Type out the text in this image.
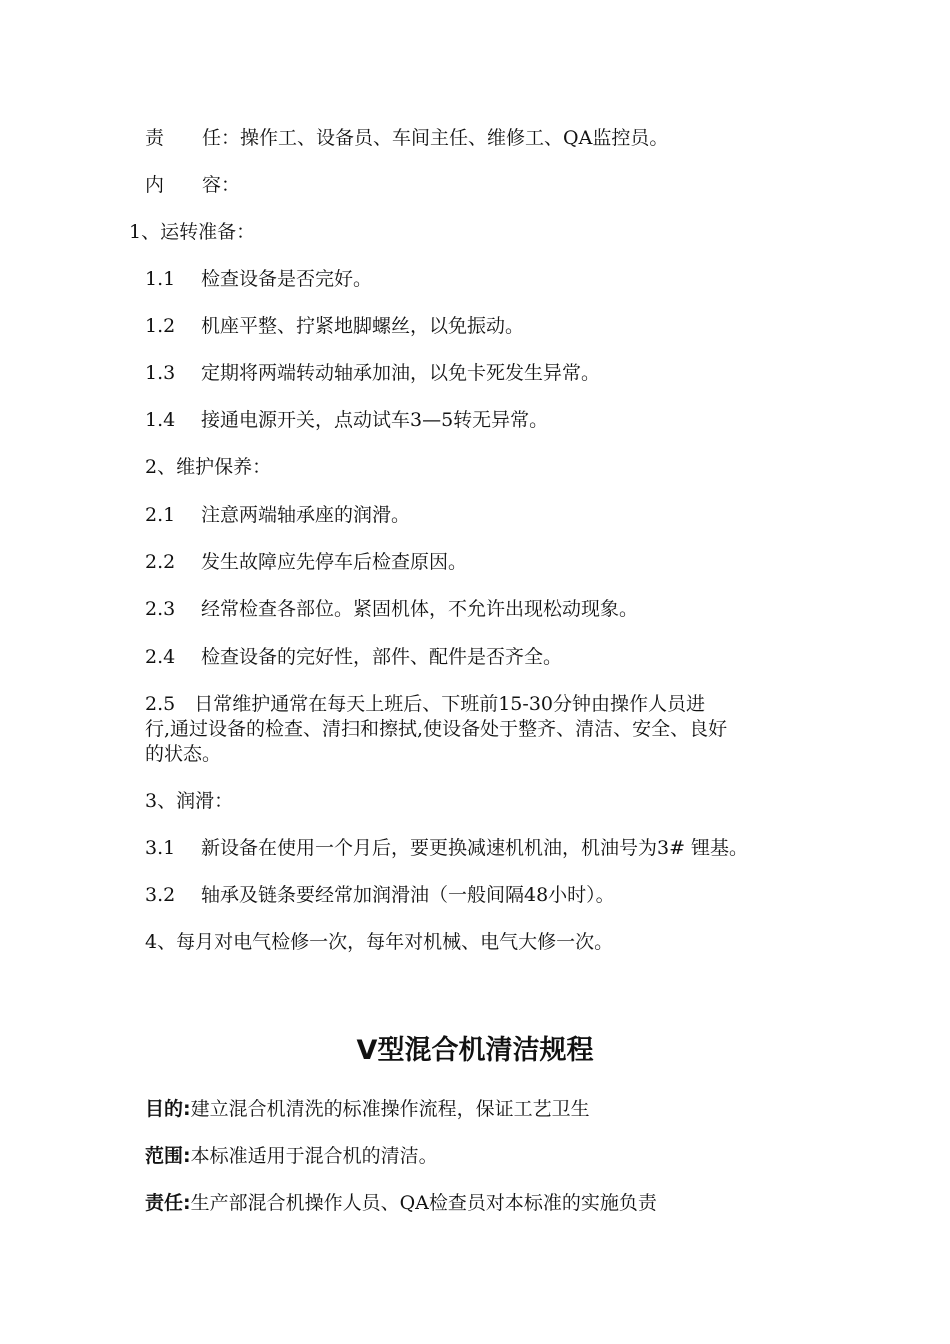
责　　任：操作工、设备员、车间主任、维修工、QA监控员。
内　　容：
1、运转准备：
1.1 检查设备是否完好。
1.2 机座平整、拧紧地脚螺丝，以免振动。
1.3 定期将两端转动轴承加油，以免卡死发生异常。
1.4 接通电源开关，点动试车3—5转无异常。
2、维护保养：
2.1 注意两端轴承座的润滑。
2.2 发生故障应先停车后检查原因。
2.3 经常检查各部位。紧固机体，不允许出现松动现象。
2.4 检查设备的完好性，部件、配件是否齐全。
2.5　日常维护通常在每天上班后、下班前15-30分钟由操作人员进
行,通过设备的检查、清扫和擦拭,使设备处于整齐、清洁、安全、良好
的状态。
3、润滑：
3.1 新设备在使用一个月后，要更换减速机机油，机油号为3# 锂基。
3.2 轴承及链条要经常加润滑油（一般间隔48小时）。
4、每月对电气检修一次，每年对机械、电气大修一次。
V型混合机清洁规程
目的:建立混合机清洗的标准操作流程，保证工艺卫生
范围:本标准适用于混合机的清洁。
责任:生产部混合机操作人员、QA检查员对本标准的实施负责
